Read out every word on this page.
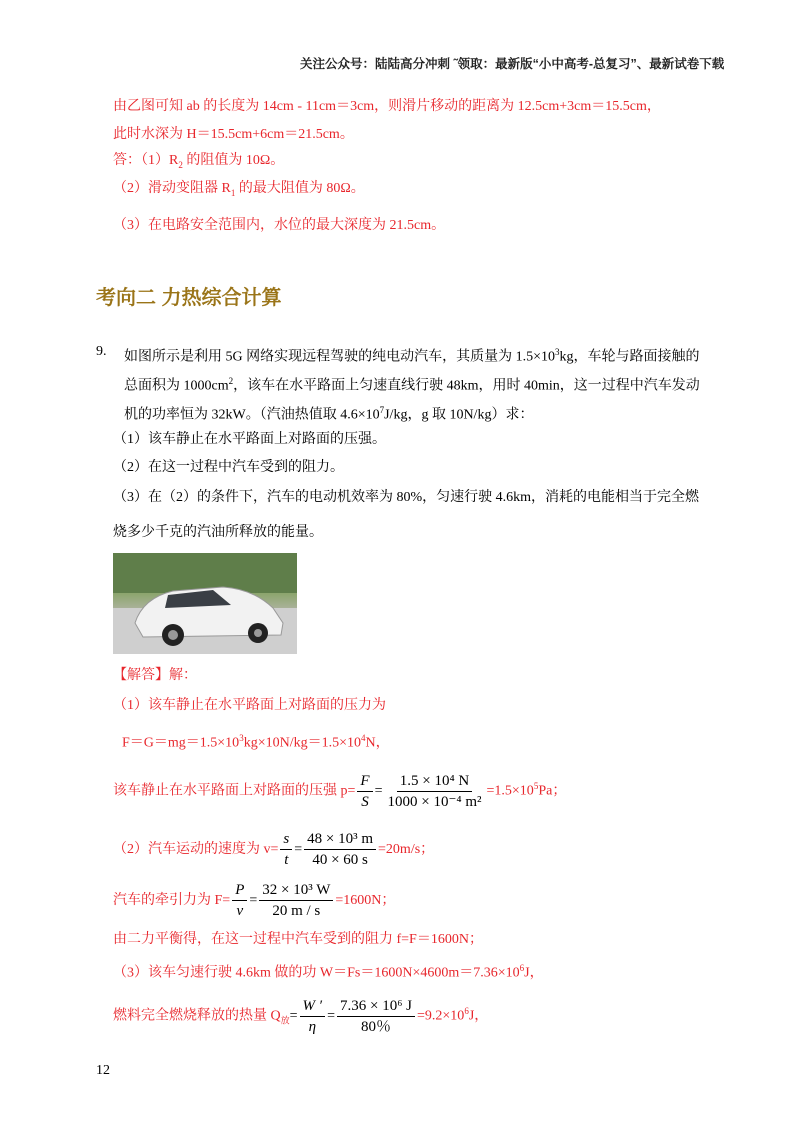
关注公众号：陆陆高分冲刺 ˜领取：最新版“小中高考-总复习”、最新试卷下载
由乙图可知 ab 的长度为 14cm - 11cm＝3cm，则滑片移动的距离为 12.5cm+3cm＝15.5cm，
此时水深为 H＝15.5cm+6cm＝21.5cm。
答：$(1)R_2$ 的阻值为 10Ω。
（2）滑动变阻器 $R_1$ 的最大阻值为 80Ω。
（3）在电路安全范围内，水位的最大深度为 21.5cm。
考向二 力热综合计算
9. 如图所示是利用 5G 网络实现远程驾驶的纯电动汽车，其质量为 $1.5\times 10^3kg$，车轮与路面接触的
总面积为 $1000cm^2$，该车在水平路面上匀速直线行驶 48km，用时 40min，这一过程中汽车发动
机的功率恒为 32kW。（汽油热值取 $4.6\times 10^7J/kg$，g 取 10N/kg）求：
（1）该车静止在水平路面上对路面的压强。
（2）在这一过程中汽车受到的阻力。
（3）在（2）的条件下，汽车的电动机效率为 80%，匀速行驶 4.6km，消耗的电能相当于完全燃
烧多少千克的汽油所释放的能量。
【解答】解：
（1）该车静止在水平路面上对路面的压力为
$F=G=mg=1.5\times 10^3kg\times 10N/kg=1.5\times 10^4N$，
该车静止在水平路面上对路面的压强 $p= \frac{F}{S} = \frac{\text{1.5 × 10⁴ N}}{\text{1000 × 10⁻⁴ m²}} =1.5\times 10^5Pa$；
（2）汽车运动的速度为 $v= \frac{s}{t} = \frac{\text{48 × 10³ m}}{40 \times 60 s} =20m/s$；
汽车的牵引力为 $F= \frac{P}{v} = \frac{\text{32 × 10³ W}}{20 m / s} =1600N$；
由二力平衡得，在这一过程中汽车受到的阻力 f=F＝1600N；
（3）该车匀速行驶 4.6km 做的功 $W=Fs=1600N\times 4600m=7.36\times 10^6J$，
燃料完全燃烧释放的热量 $Q_放= \frac{W '}{\eta} = \frac{\text{7.36 × 10⁶ J}}{80\%} =9.2\times 10^6J$，
12
